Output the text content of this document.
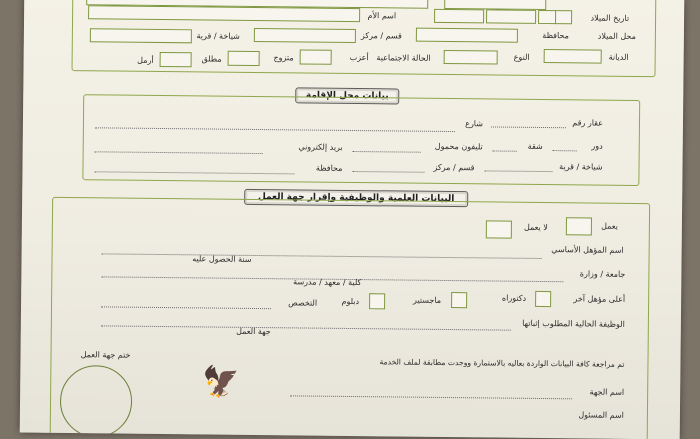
تاريخ الميلاد
اسم الأم
محل الميلاد
محافظة
قسم / مركز
شياخة / قرية
الديانة
النوع
الحالة الاجتماعية
أعزب
متزوج
مطلق
أرمل
بيانات محل الإقامة
عقار رقم
شارع
دور
شقة
تليفون محمول
بريد إلكتروني
شياخة / قرية
قسم / مركز
محافظة
البيانات العلمية والوظيفية وإقرار جهة العمل
يعمل
لا يعمل
اسم المؤهل الأساسي
سنة الحصول عليه
جامعة / وزارة
كلية / معهد / مدرسة
أعلى مؤهل آخر
دكتوراه
ماجستير
دبلوم
التخصص
الوظيفة الحالية المطلوب إثباتها
جهة العمل
ختم جهة العمل
تم مراجعة كافة البيانات الواردة بعاليه بالاستمارة ووجدت مطابقة لملف الخدمة
اسم الجهة
اسم المسئول
🦅
